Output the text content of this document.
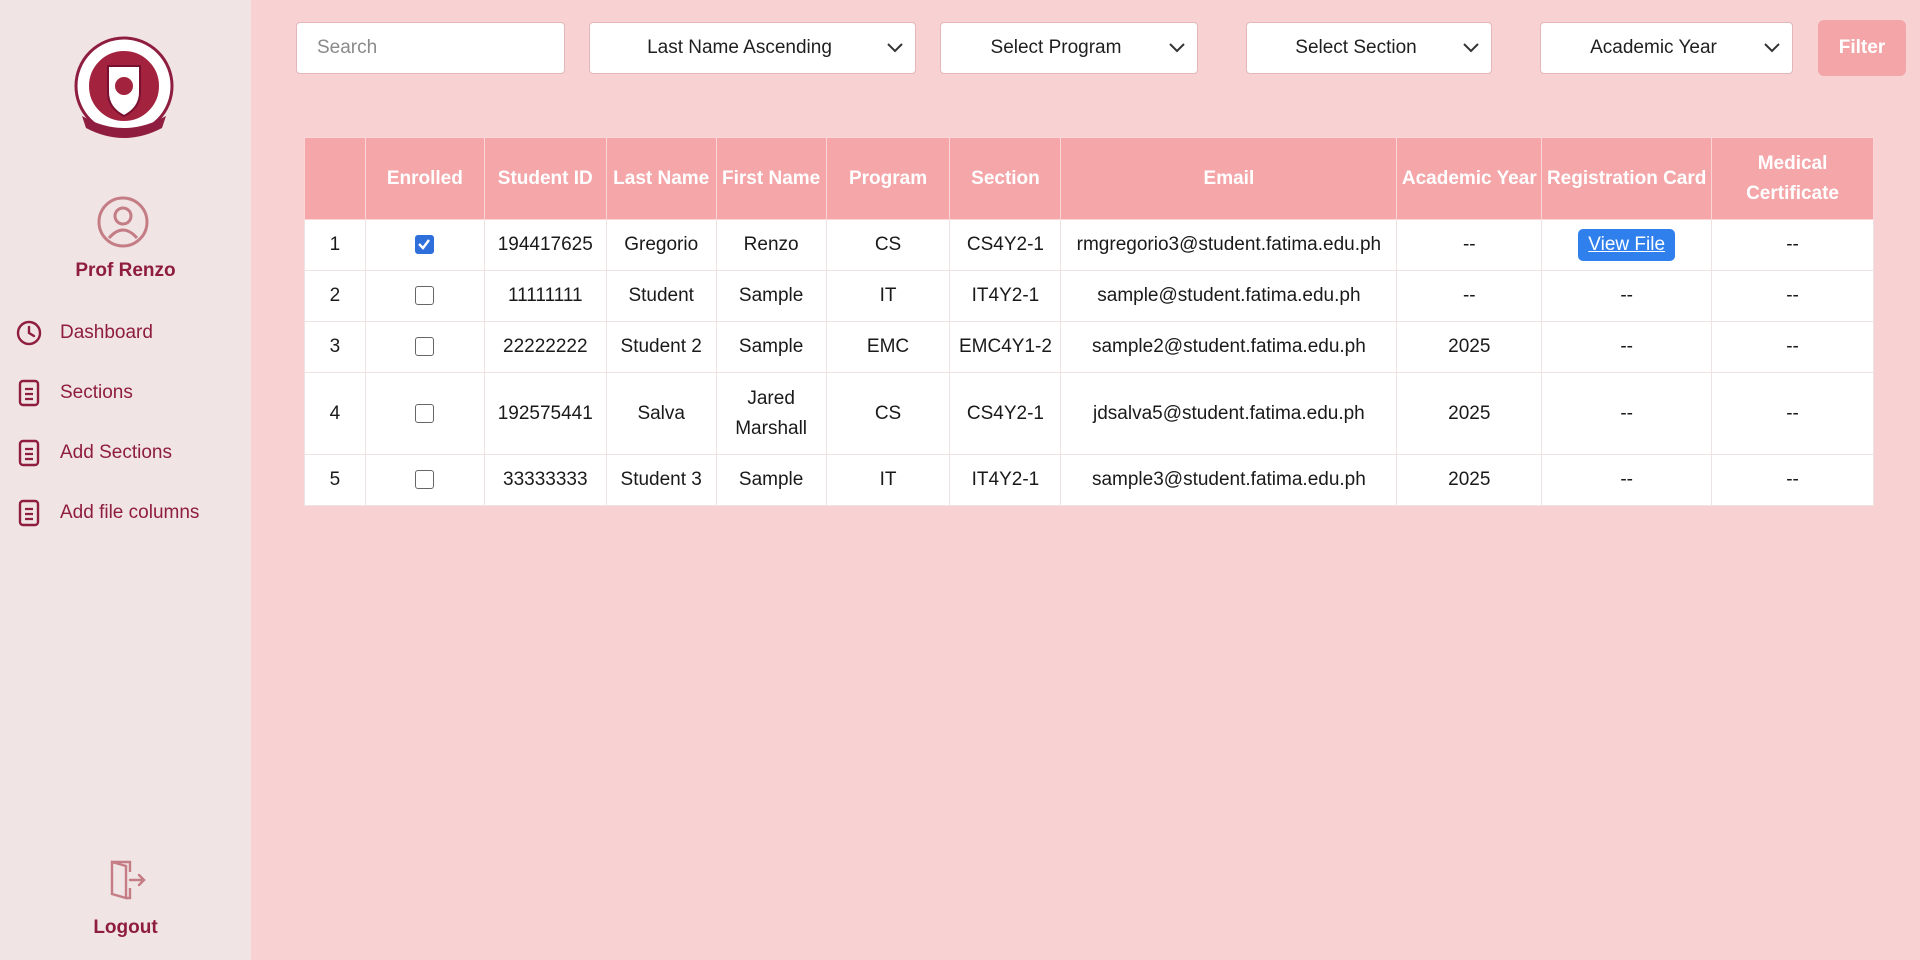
Prof Renzo
Dashboard
Sections
Add Sections
Add file columns
Logout
Search
Last Name Ascending	Select Program	Select Section	Academic Year	Filter
	Enrolled	Student ID	Last Name	First Name	Program	Section	Email	Academic Year	Registration Card	Medical Certificate
1		194417625	Gregorio	Renzo	CS	CS4Y2-1	rmgregorio3@student.fatima.edu.ph	--	View File	--
2		11111111	Student	Sample	IT	IT4Y2-1	sample@student.fatima.edu.ph	--	--	--
3		22222222	Student 2	Sample	EMC	EMC4Y1-2	sample2@student.fatima.edu.ph	2025	--	--
4		192575441	Salva	Jared Marshall	CS	CS4Y2-1	jdsalva5@student.fatima.edu.ph	2025	--	--
5		33333333	Student 3	Sample	IT	IT4Y2-1	sample3@student.fatima.edu.ph	2025	--	--
